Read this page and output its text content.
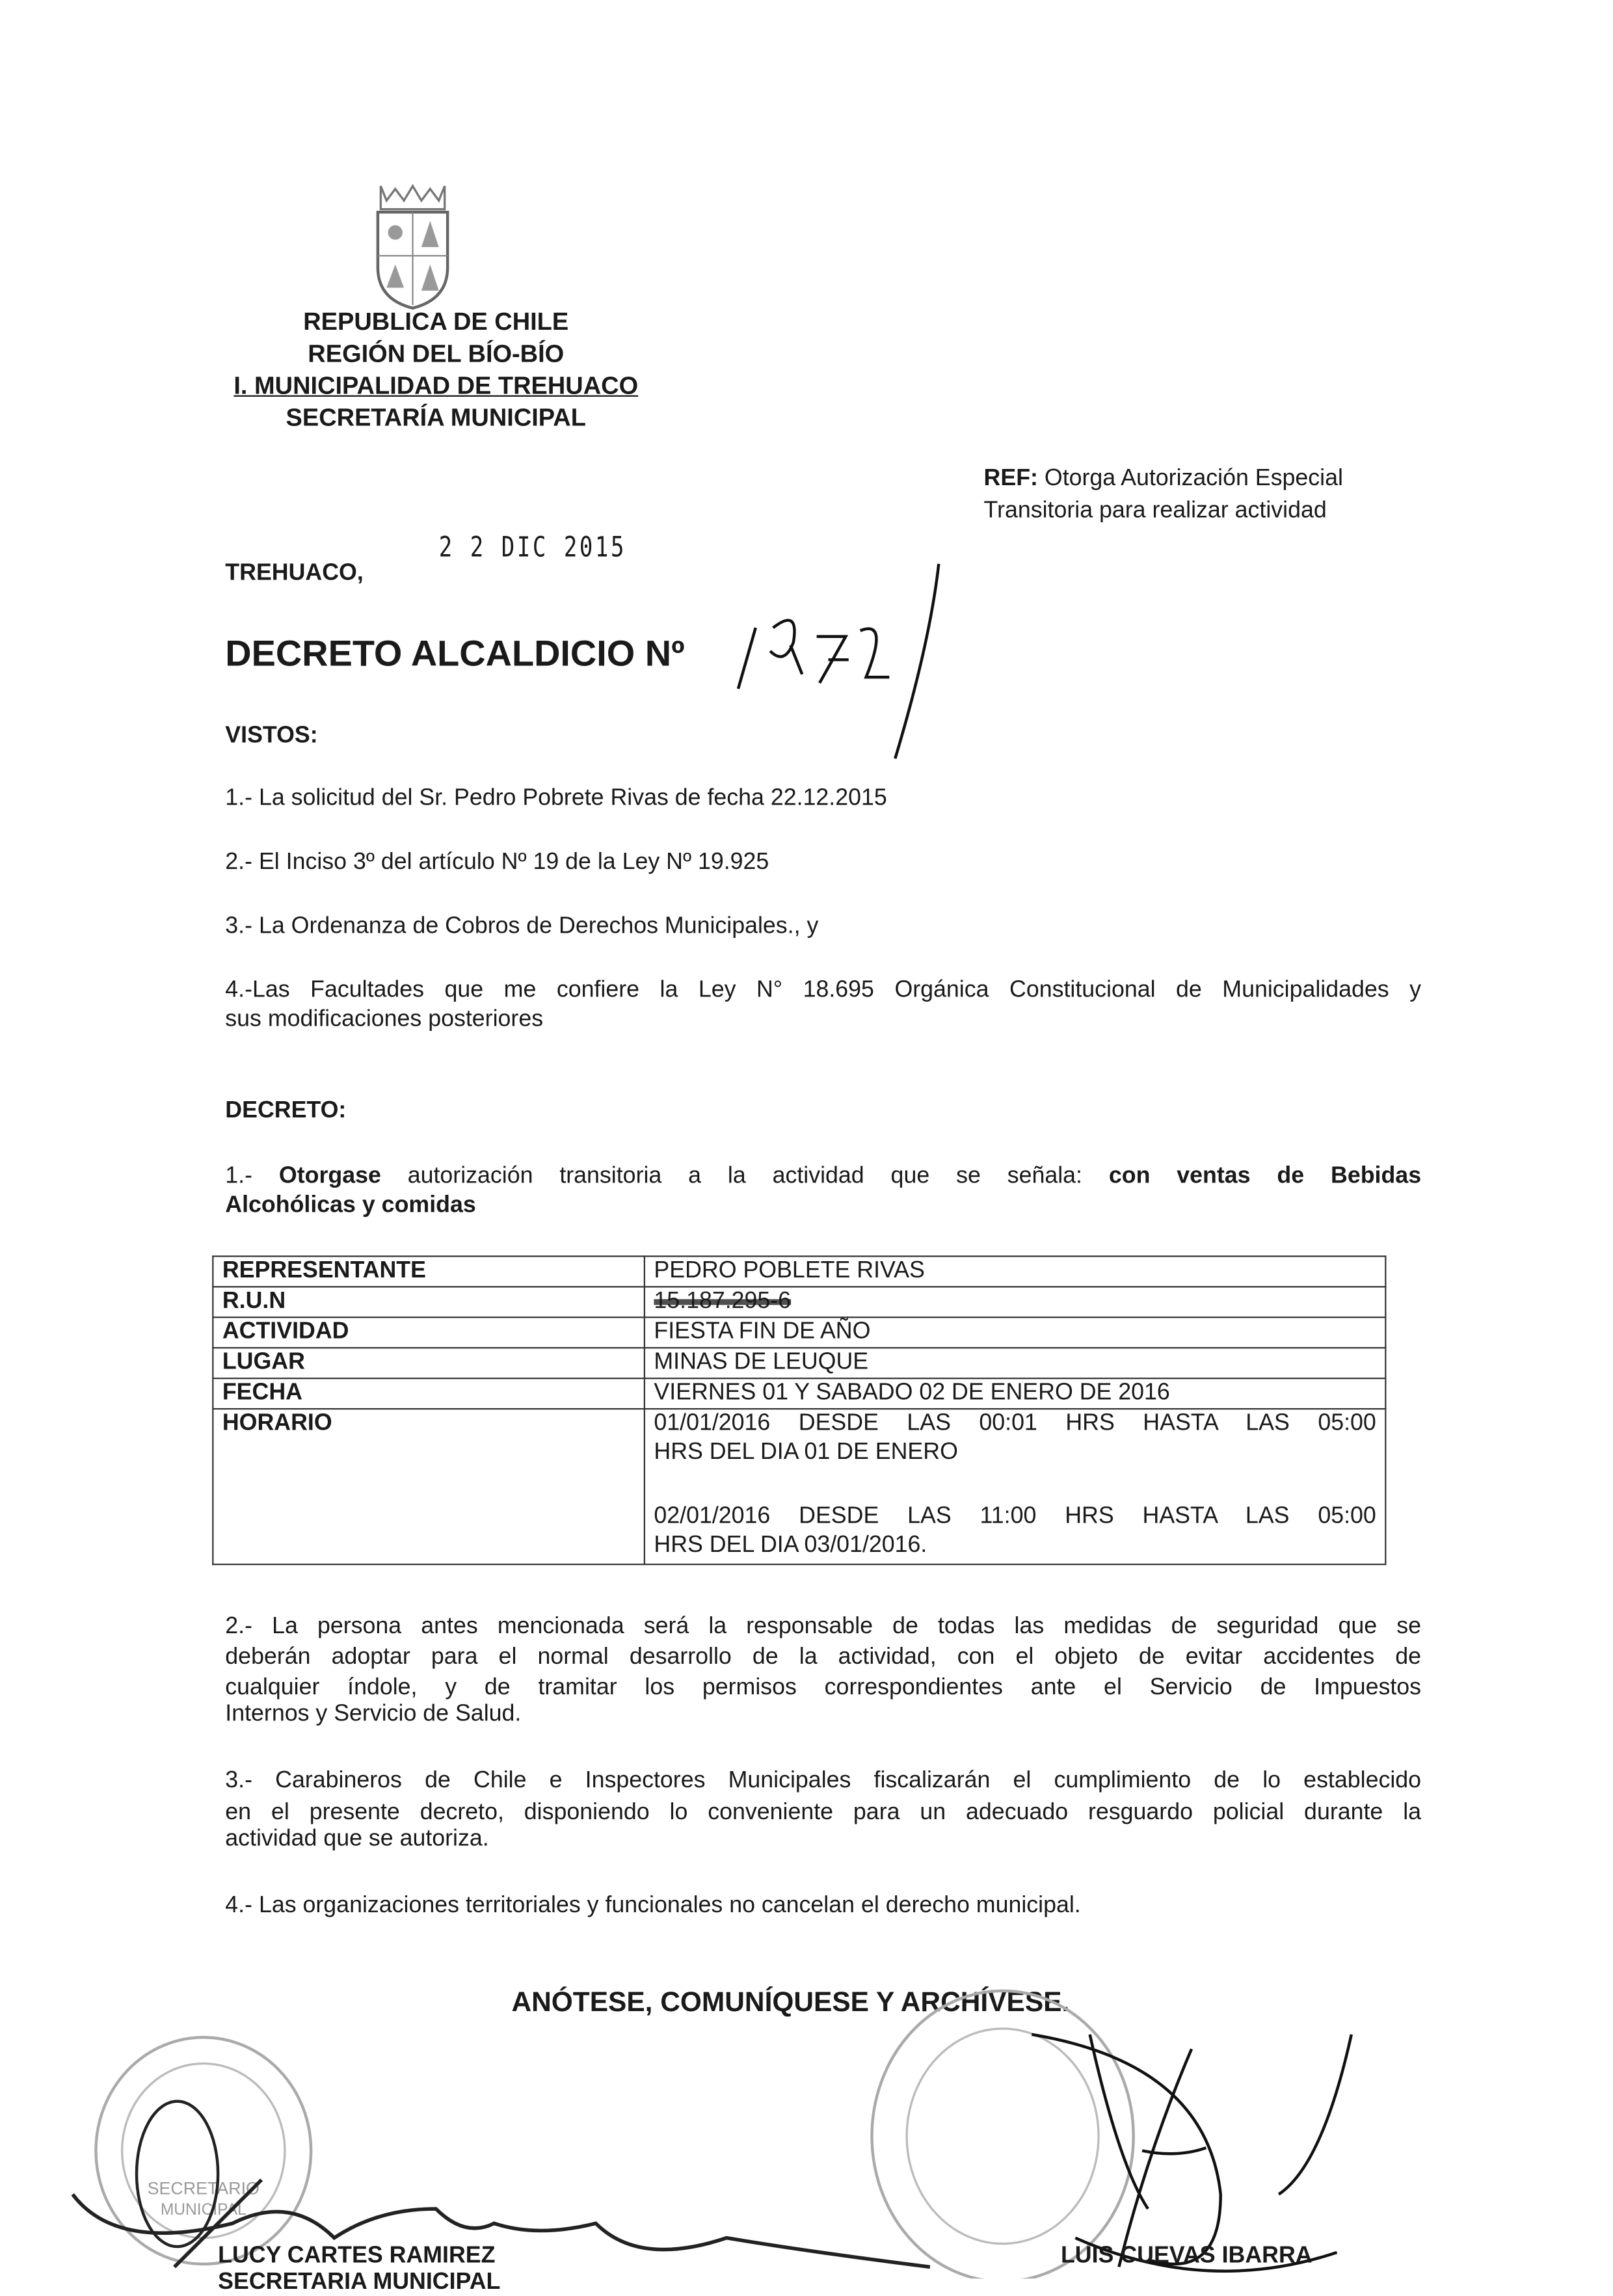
REPUBLICA DE CHILE
REGIÓN DEL BÍO-BÍO
I. MUNICIPALIDAD DE TREHUACO
SECRETARÍA MUNICIPAL
REF: Otorga Autorización Especial
Transitoria para realizar actividad
TREHUACO,
2 2 DIC 2015
DECRETO ALCALDICIO Nº
VISTOS:
1.- La solicitud del Sr. Pedro Pobrete Rivas de fecha 22.12.2015
2.- El Inciso 3º del artículo Nº 19 de la Ley Nº 19.925
3.- La Ordenanza de Cobros de Derechos Municipales., y
4.-Las Facultades que me confiere la Ley N° 18.695 Orgánica Constitucional de Municipalidades y
sus modificaciones posteriores
DECRETO:
1.- Otorgase autorización transitoria a la actividad que se señala: con ventas de Bebidas
Alcohólicas y comidas
REPRESENTANTE	PEDRO POBLETE RIVAS
R.U.N	15.187.295-6
ACTIVIDAD	FIESTA FIN DE AÑO
LUGAR	MINAS DE LEUQUE
FECHA	VIERNES 01 Y SABADO 02 DE ENERO DE 2016
HORARIO	01/01/2016 DESDE LAS 00:01 HRS HASTA LAS 05:00
HRS DEL DIA 01 DE ENERO
02/01/2016 DESDE LAS 11:00 HRS HASTA LAS 05:00
HRS DEL DIA 03/01/2016.
2.- La persona antes mencionada será la responsable de todas las medidas de seguridad que se
deberán adoptar para el normal desarrollo de la actividad, con el objeto de evitar accidentes de
cualquier índole, y de tramitar los permisos correspondientes ante el Servicio de Impuestos
Internos y Servicio de Salud.
3.- Carabineros de Chile e Inspectores Municipales fiscalizarán el cumplimiento de lo establecido
en el presente decreto, disponiendo lo conveniente para un adecuado resguardo policial durante la
actividad que se autoriza.
4.- Las organizaciones territoriales y funcionales no cancelan el derecho municipal.
ANÓTESE, COMUNÍQUESE Y ARCHÍVESE.
SECRETARIO
MUNICIPAL
LUCY CARTES RAMIREZ
SECRETARIA MUNICIPAL
LUIS CUEVAS IBARRA
